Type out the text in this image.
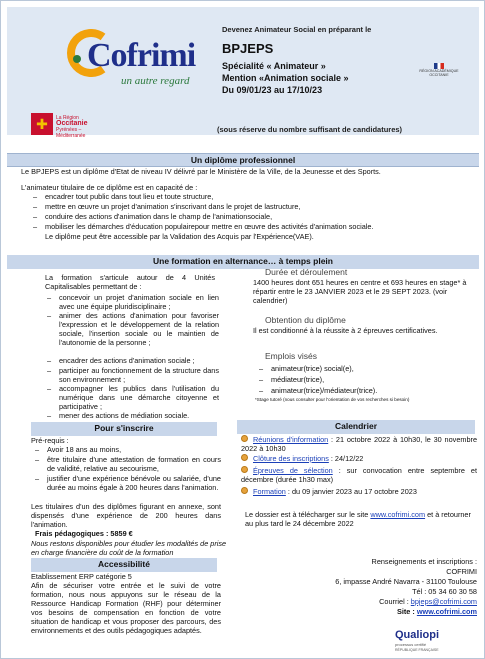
Cofrimi
un autre regard
Devenez Animateur Social en préparant le
BPJEPS
Spécialité « Animateur »
Mention «Animation sociale »
Du 09/01/23 au 17/10/23
RÉGION ACADÉMIQUE OCCITANIE
✚	La Région
Occitanie
Pyrénées – Méditerranée
(sous réserve du nombre suffisant de candidatures)
Un diplôme professionnel
Le BPJEPS est un diplôme d'Etat de niveau IV délivré par le Ministère de la Ville, de la Jeunesse et des Sports.
L'animateur titulaire de ce diplôme est en capacité de :
– encadrer tout public dans tout lieu et toute structure,
– mettre en œuvre un projet d'animation s'inscrivant dans le projet de lastructure,
– conduire des actions d'animation dans le champ de l'animationsociale,
– mobiliser les démarches d'éducation populairepour mettre en œuvre des activités d'animation sociale.
Le diplôme peut être accessible par la Validation des Acquis par l'Expérience(VAE).
Une formation en alternance… à temps plein
La formation s'articule autour de 4 Unités Capitalisables permettant de :
– concevoir un projet d'animation sociale en lien avec une équipe pluridisciplinaire ;
– animer des actions d'animation pour favoriser l'expression et le développement de la relation sociale, l'insertion sociale ou le maintien de l'autonomie de la personne ;
– encadrer des actions d'animation sociale ;
– participer au fonctionnement de la structure dans son environnement ;
– accompagner les publics dans l'utilisation du numérique dans une démarche citoyenne et participative ;
– mener des actions de médiation sociale.
Durée et déroulement
1400 heures dont 651 heures en centre et 693 heures en stage* à répartir entre le 23 JANVIER 2023 et le 29 SEPT 2023. (voir calendrier)
Obtention du diplôme
Il est conditionné à la réussite à 2 épreuves certificatives.
Emplois visés
– animateur(trice) social(e),
– médiateur(trice),
– animateur(trice)/médiateur(trice).
*Stage tutoré (nous consulter pour l'orientation de vos recherches si besoin)
Pour s'inscrire
Pré-requis :
– Avoir 18 ans au moins,
– être titulaire d'une attestation de formation en cours de validité, relative au secourisme,
– justifier d'une expérience bénévole ou salariée, d'une durée au moins égale à 200 heures dans l'animation.
Les titulaires d'un des diplômes figurant en annexe, sont dispensés d'une expérience de 200 heures dans l'animation.
Frais pédagogiques : 5859 €
Nous restons disponibles pour étudier les modalités de prise en charge financière du coût de la formation
Accessibilité
Etablissement ERP catégorie 5
Afin de sécuriser votre entrée et le suivi de votre formation, nous nous appuyons sur le réseau de la Ressource Handicap Formation (RHF) pour déterminer vos besoins de compensation en fonction de votre situation de handicap et vous proposer des parcours, des environnements et des outils pédagogiques adaptés.
Calendrier
Réunions d'information : 21 octobre 2022 à 10h30, le 30 novembre 2022 à 10h30
Clôture des inscriptions : 24/12/22
Épreuves de sélection : sur convocation entre septembre et décembre (durée 1h30 max)
Formation : du 09 janvier 2023 au 17 octobre 2023
Le dossier est à télécharger sur le site www.cofrimi.com et à retourner au plus tard le 24 décembre 2022
Renseignements et inscriptions :
COFRIMI
6, impasse André Navarra - 31100 Toulouse
Tél : 05 34 60 30 58
Courriel : bpjeps@cofrimi.com
Site : www.cofrimi.com
Qualiopi
processus certifié
RÉPUBLIQUE FRANÇAISE
